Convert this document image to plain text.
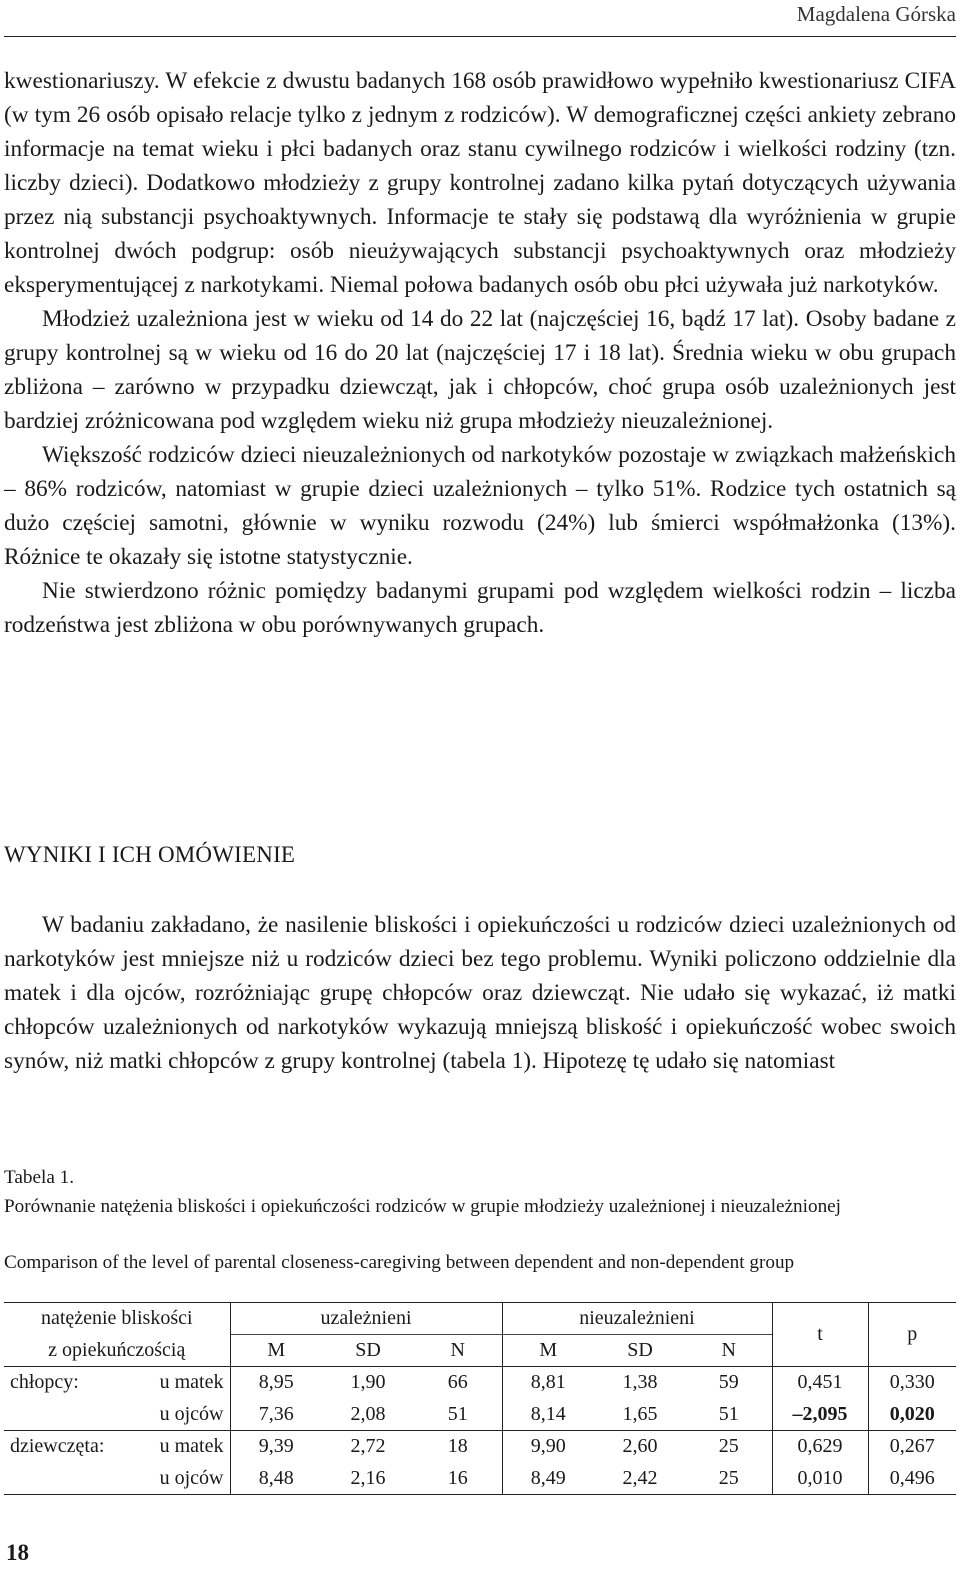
Magdalena Górska

kwestionariuszy. W efekcie z dwustu badanych 168 osób prawidłowo wypełniło kwestionariusz CIFA (w tym 26 osób opisało relacje tylko z jednym z rodziców). W demograficznej części ankiety zebrano informacje na temat wieku i płci badanych oraz stanu cywilnego rodziców i wielkości rodziny (tzn. liczby dzieci). Dodatkowo młodzieży z grupy kontrolnej zadano kilka pytań dotyczących używania przez nią substancji psychoaktywnych. Informacje te stały się podstawą dla wyróżnienia w grupie kontrolnej dwóch podgrup: osób nieużywających substancji psychoaktywnych oraz młodzieży eksperymentującej z narkotykami. Niemal połowa badanych osób obu płci używała już narkotyków.

Młodzież uzależniona jest w wieku od 14 do 22 lat (najczęściej 16, bądź 17 lat). Osoby badane z grupy kontrolnej są w wieku od 16 do 20 lat (najczęściej 17 i 18 lat). Średnia wieku w obu grupach zbliżona – zarówno w przypadku dziewcząt, jak i chłopców, choć grupa osób uzależnionych jest bardziej zróżnicowana pod względem wieku niż grupa młodzieży nieuzależnionej.

Większość rodziców dzieci nieuzależnionych od narkotyków pozostaje w związkach małżeńskich – 86% rodziców, natomiast w grupie dzieci uzależnionych – tylko 51%. Rodzice tych ostatnich są dużo częściej samotni, głównie w wyniku rozwodu (24%) lub śmierci współmałżonka (13%). Różnice te okazały się istotne statystycznie.

Nie stwierdzono różnic pomiędzy badanymi grupami pod względem wielkości rodzin – liczba rodzeństwa jest zbliżona w obu porównywanych grupach.

WYNIKI I ICH OMÓWIENIE

W badaniu zakładano, że nasilenie bliskości i opiekuńczości u rodziców dzieci uzależnionych od narkotyków jest mniejsze niż u rodziców dzieci bez tego problemu. Wyniki policzono oddzielnie dla matek i dla ojców, rozróżniając grupę chłopców oraz dziewcząt. Nie udało się wykazać, iż matki chłopców uzależnionych od narkotyków wykazują mniejszą bliskość i opiekuńczość wobec swoich synów, niż matki chłopców z grupy kontrolnej (tabela 1). Hipotezę tę udało się natomiast

Tabela 1.
Porównanie natężenia bliskości i opiekuńczości rodziców w grupie młodzieży uzależnionej i nieuzależnionej
Comparison of the level of parental closeness-caregiving between dependent and non-dependent group
natężenie bliskości		uzależnieni			nieuzależnieni			t	p
z opiekuńczością		M	SD	N	M	SD	N		
chłopcy:	u matek	8,95	1,90	66	8,81	1,38	59	0,451	0,330
	u ojców	7,36	2,08	51	8,14	1,65	51	–2,095	0,020
dziewczęta:	u matek	9,39	2,72	18	9,90	2,60	25	0,629	0,267
	u ojców	8,48	2,16	16	8,49	2,42	25	0,010	0,496
18
